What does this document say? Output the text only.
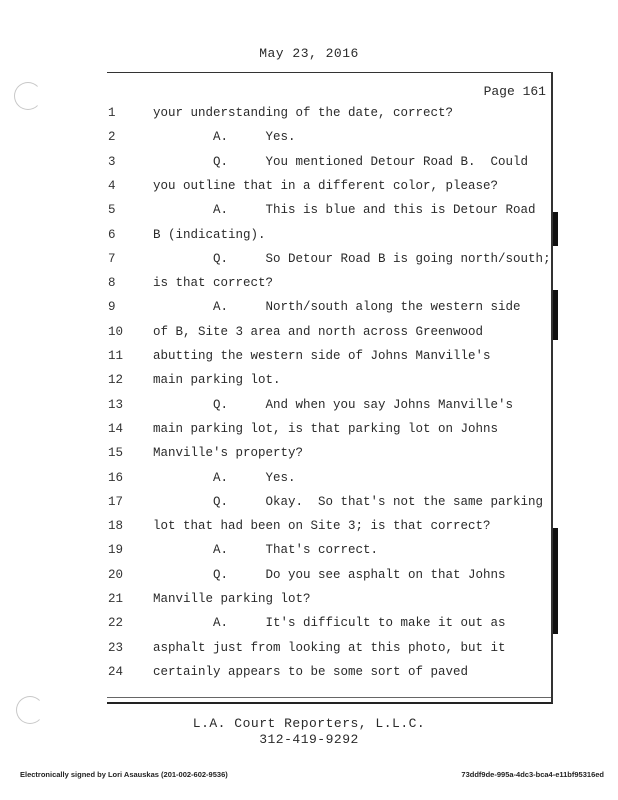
May 23, 2016
Page 161
1	your understanding of the date, correct?
2	A.     Yes.
3	Q.     You mentioned Detour Road B.  Could
4	you outline that in a different color, please?
5	A.     This is blue and this is Detour Road
6	B (indicating).
7	Q.     So Detour Road B is going north/south;
8	is that correct?
9	A.     North/south along the western side
10	of B, Site 3 area and north across Greenwood
11	abutting the western side of Johns Manville's
12	main parking lot.
13	Q.     And when you say Johns Manville's
14	main parking lot, is that parking lot on Johns
15	Manville's property?
16	A.     Yes.
17	Q.     Okay.  So that's not the same parking
18	lot that had been on Site 3; is that correct?
19	A.     That's correct.
20	Q.     Do you see asphalt on that Johns
21	Manville parking lot?
22	A.     It's difficult to make it out as
23	asphalt just from looking at this photo, but it
24	certainly appears to be some sort of paved
L.A. Court Reporters, L.L.C.
312-419-9292
Electronically signed by Lori Asauskas (201-002-602-9536)	73ddf9de-995a-4dc3-bca4-e11bf95316ed
